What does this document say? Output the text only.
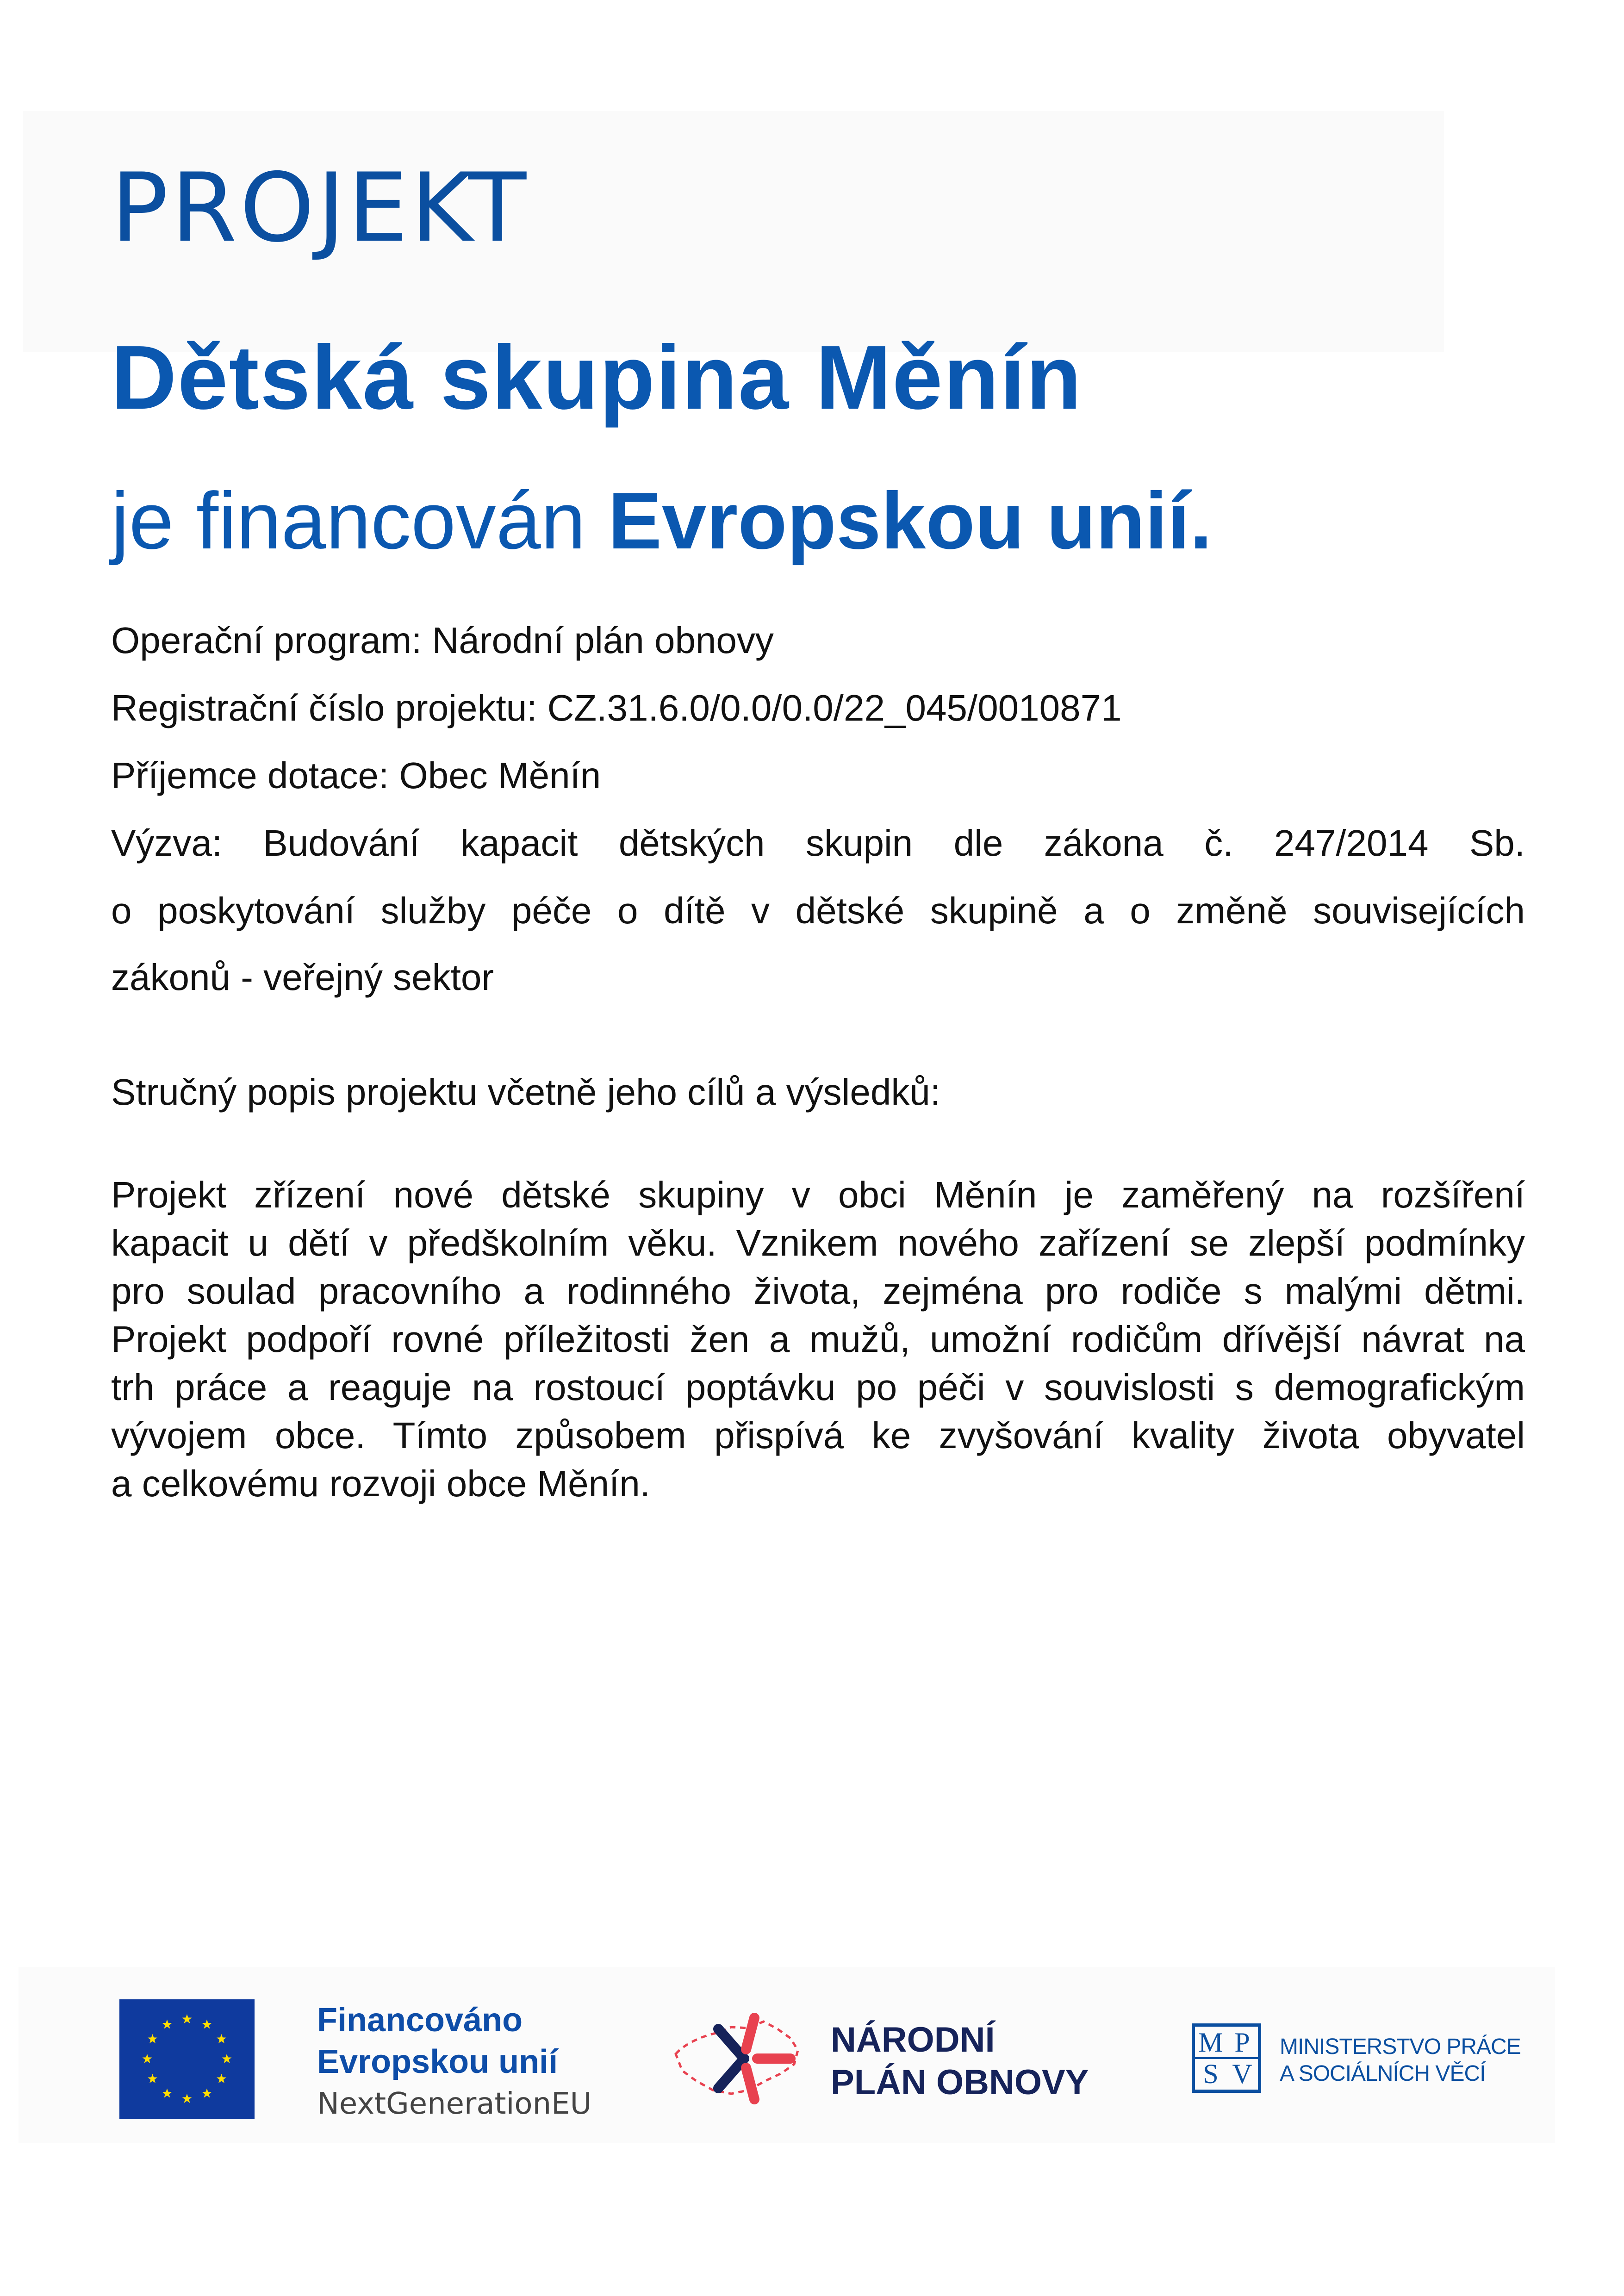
PROJEKT
Dětská skupina Měnín

je financován Evropskou unií.

Operační program: Národní plán obnovy

Registrační číslo projektu: CZ.31.6.0/0.0/0.0/22_045/0010871

Příjemce dotace: Obec Měnín

Výzva: Budování kapacit dětských skupin dle zákona č. 247/2014 Sb.

o poskytování služby péče o dítě v dětské skupině a o změně souvisejících

zákonů - veřejný sektor

Stručný popis projektu včetně jeho cílů a výsledků:

Projekt zřízení nové dětské skupiny v obci Měnín je zaměřený na rozšíření
kapacit u dětí v předškolním věku. Vznikem nového zařízení se zlepší podmínky
pro soulad pracovního a rodinného života, zejména pro rodiče s malými dětmi.
Projekt podpoří rovné příležitosti žen a mužů, umožní rodičům dřívější návrat na
trh práce a reaguje na rostoucí poptávku po péči v souvislosti s demografickým
vývojem obce. Tímto způsobem přispívá ke zvyšování kvality života obyvatel
a celkovému rozvoji obce Měnín.

Financováno
Evropskou unií
NextGenerationEU

NÁRODNÍ
PLÁN OBNOVY

M P
S V

MINISTERSTVO PRÁCE
A SOCIÁLNÍCH VĚCÍ
